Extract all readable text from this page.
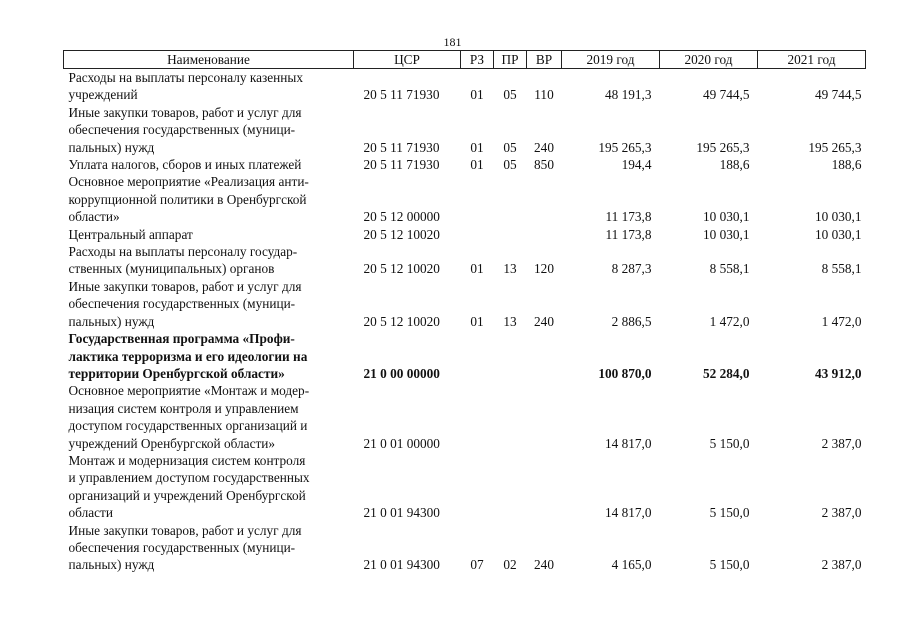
181
Наименование	ЦСР	РЗ	ПР	ВР	2019 год	2020 год	2021 год

Расходы на выплаты персоналу казенных
учреждений	20 5 11 71930	01	05	110	48 191,3	49 744,5	49 744,5

Иные закупки товаров, работ и услуг для
обеспечения государственных (муници-
пальных) нужд	20 5 11 71930	01	05	240	195 265,3	195 265,3	195 265,3

Уплата налогов, сборов и иных платежей	20 5 11 71930	01	05	850	194,4	188,6	188,6

Основное мероприятие «Реализация анти-
коррупционной политики в Оренбургской
области»	20 5 12 00000				11 173,8	10 030,1	10 030,1

Центральный аппарат	20 5 12 10020				11 173,8	10 030,1	10 030,1

Расходы на выплаты персоналу государ-
ственных (муниципальных) органов	20 5 12 10020	01	13	120	8 287,3	8 558,1	8 558,1

Иные закупки товаров, работ и услуг для
обеспечения государственных (муници-
пальных) нужд	20 5 12 10020	01	13	240	2 886,5	1 472,0	1 472,0

Государственная программа «Профи-
лактика терроризма и его идеологии на
территории Оренбургской области»	21 0 00 00000				100 870,0	52 284,0	43 912,0

Основное мероприятие «Монтаж и модер-
низация систем контроля и управлением
доступом государственных организаций и
учреждений Оренбургской области»	21 0 01 00000				14 817,0	5 150,0	2 387,0

Монтаж и модернизация систем контроля
и управлением доступом государственных
организаций и учреждений Оренбургской
области	21 0 01 94300				14 817,0	5 150,0	2 387,0

Иные закупки товаров, работ и услуг для
обеспечения государственных (муници-
пальных) нужд	21 0 01 94300	07	02	240	4 165,0	5 150,0	2 387,0
